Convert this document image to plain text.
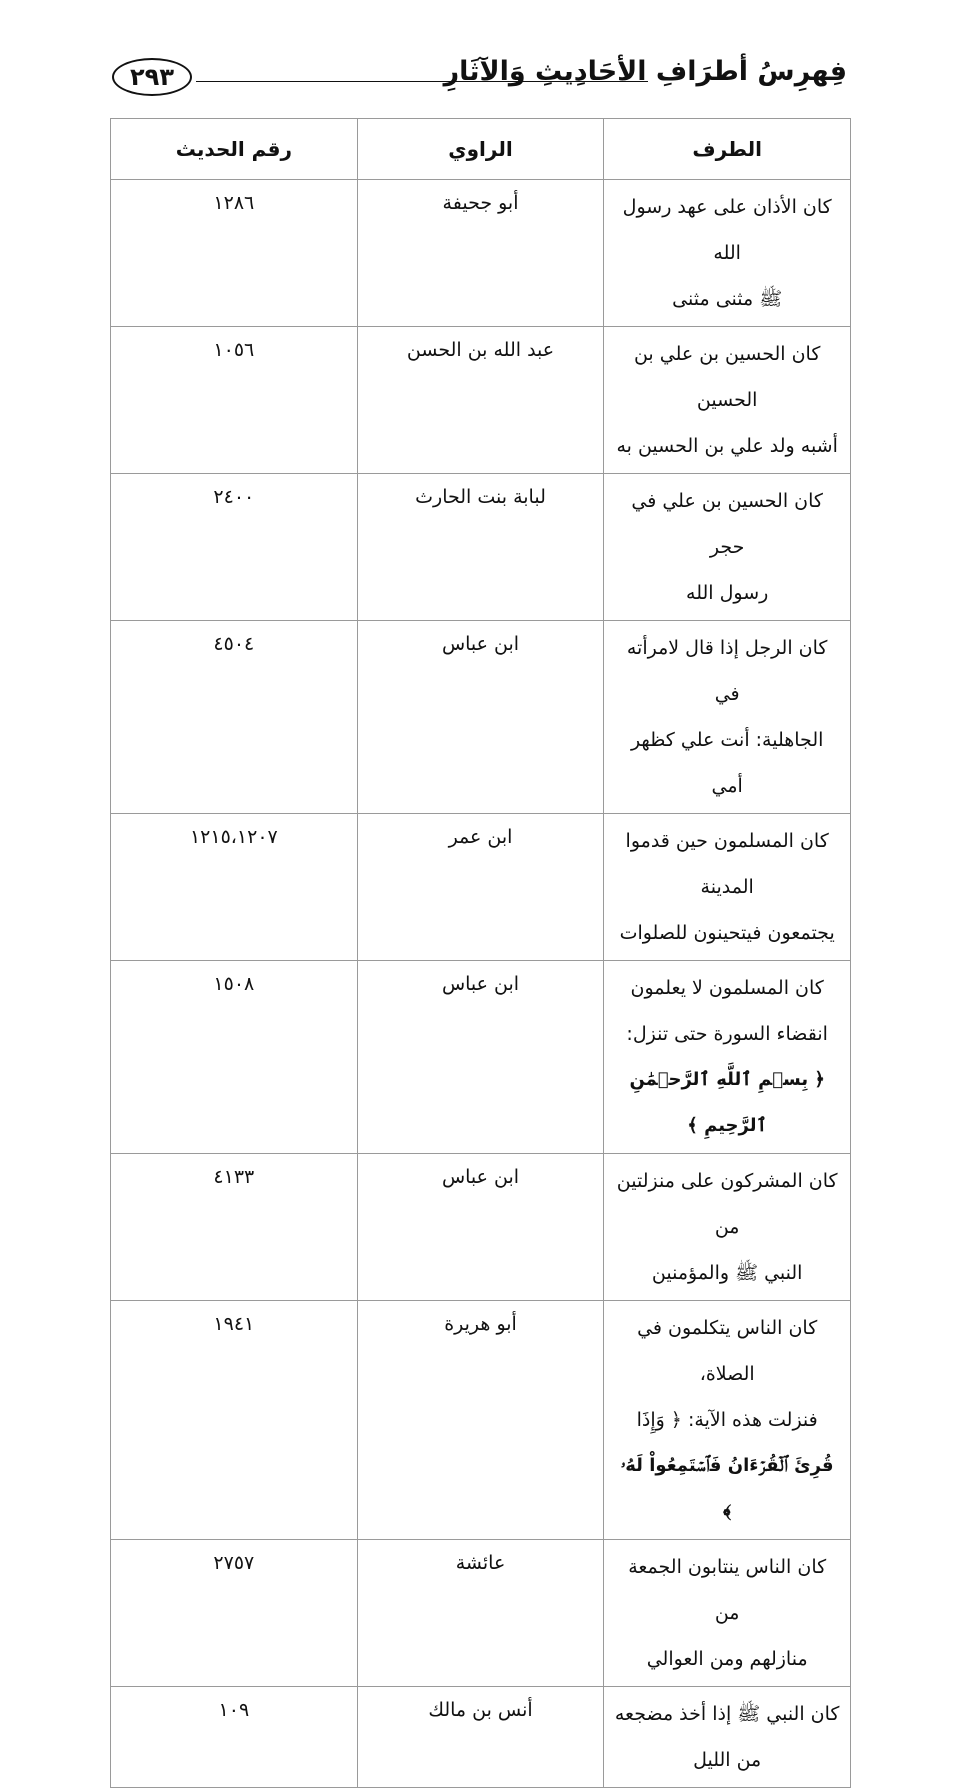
٢٩٣	فِهرِسُ أطرَافِ الأحَادِيثِ وَالآثَارِ
الطرف	الراوي	رقم الحديث

كان الأذان على عهد رسول الله
ﷺ مثنى مثنى	أبو جحيفة	١٢٨٦

كان الحسين بن علي بن الحسين
أشبه ولد علي بن الحسين به	عبد الله بن الحسن	١٠٥٦

كان الحسين بن علي في حجر
رسول الله	لبابة بنت الحارث	٢٤٠٠

كان الرجل إذا قال لامرأته في
الجاهلية: أنت علي كظهر أمي	ابن عباس	٤٥٠٤

كان المسلمون حين قدموا المدينة
يجتمعون فيتحينون للصلوات	ابن عمر	١٢١٥،١٢٠٧

كان المسلمون لا يعلمون
انقضاء السورة حتى تنزل:
﴿ بِسۡمِ ٱللَّهِ ٱلرَّحۡمَٰنِ ٱلرَّحِيمِ ﴾	ابن عباس	١٥٠٨

كان المشركون على منزلتين من
النبي ﷺ والمؤمنين	ابن عباس	٤١٣٣

كان الناس يتكلمون في الصلاة،
فنزلت هذه الآية: ﴿ وَإِذَا
قُرِئَ ٱلۡقُرۡءَانُ فَٱسۡتَمِعُواْ لَهُۥ ﴾	أبو هريرة	١٩٤١

كان الناس ينتابون الجمعة من
منازلهم ومن العوالي	عائشة	٢٧٥٧

كان النبي ﷺ إذا أخذ مضجعه
من الليل	أنس بن مالك	١٠٩
